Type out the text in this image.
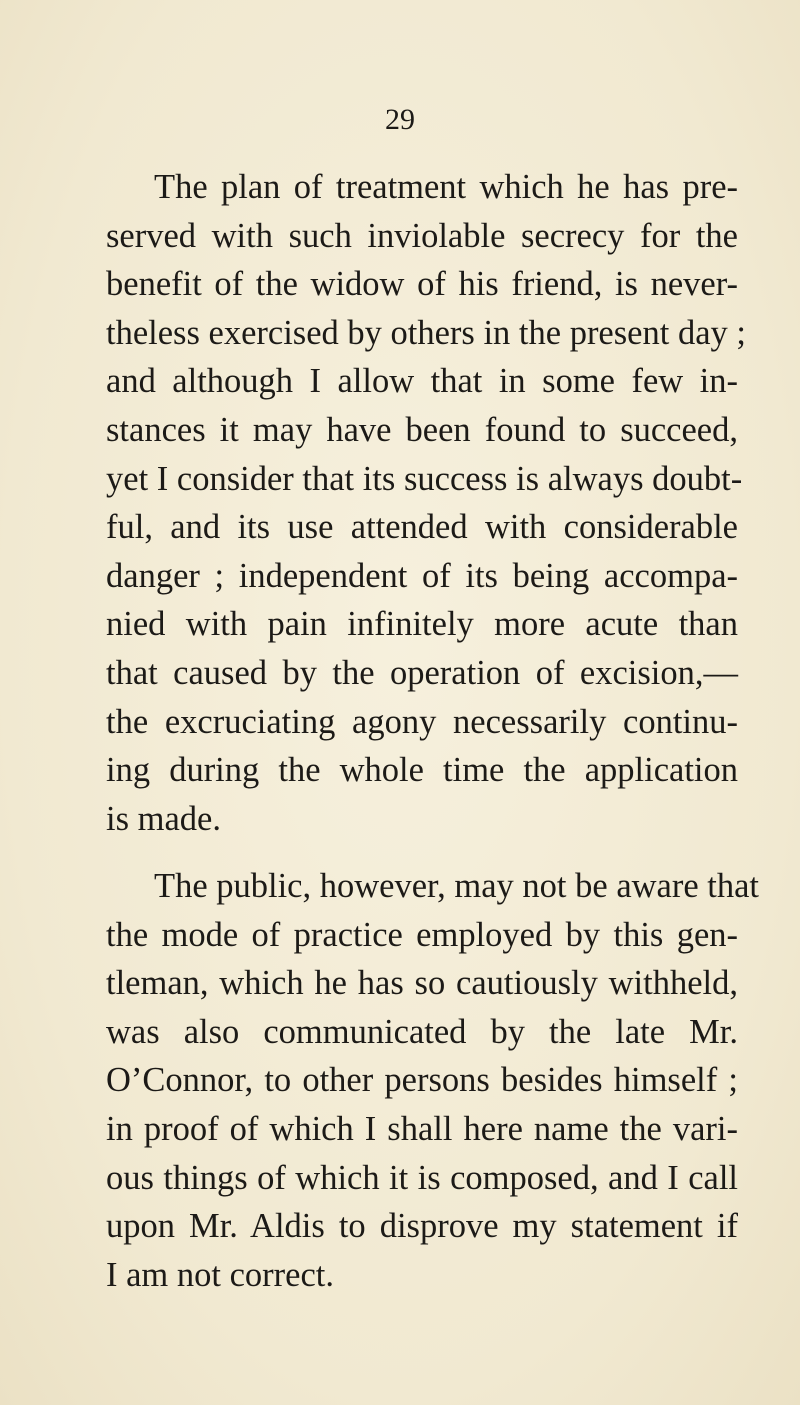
29

The plan of treatment which he has pre-
served with such inviolable secrecy for the
benefit of the widow of his friend, is never-
theless exercised by others in the present day ;
and although I allow that in some few in-
stances it may have been found to succeed,
yet I consider that its success is always doubt-
ful, and its use attended with considerable
danger ; independent of its being accompa-
nied with pain infinitely more acute than
that caused by the operation of excision,—
the excruciating agony necessarily continu-
ing during the whole time the application
is made.

The public, however, may not be aware that
the mode of practice employed by this gen-
tleman, which he has so cautiously withheld,
was also communicated by the late Mr.
O’Connor, to other persons besides himself ;
in proof of which I shall here name the vari-
ous things of which it is composed, and I call
upon Mr. Aldis to disprove my statement if
I am not correct.
